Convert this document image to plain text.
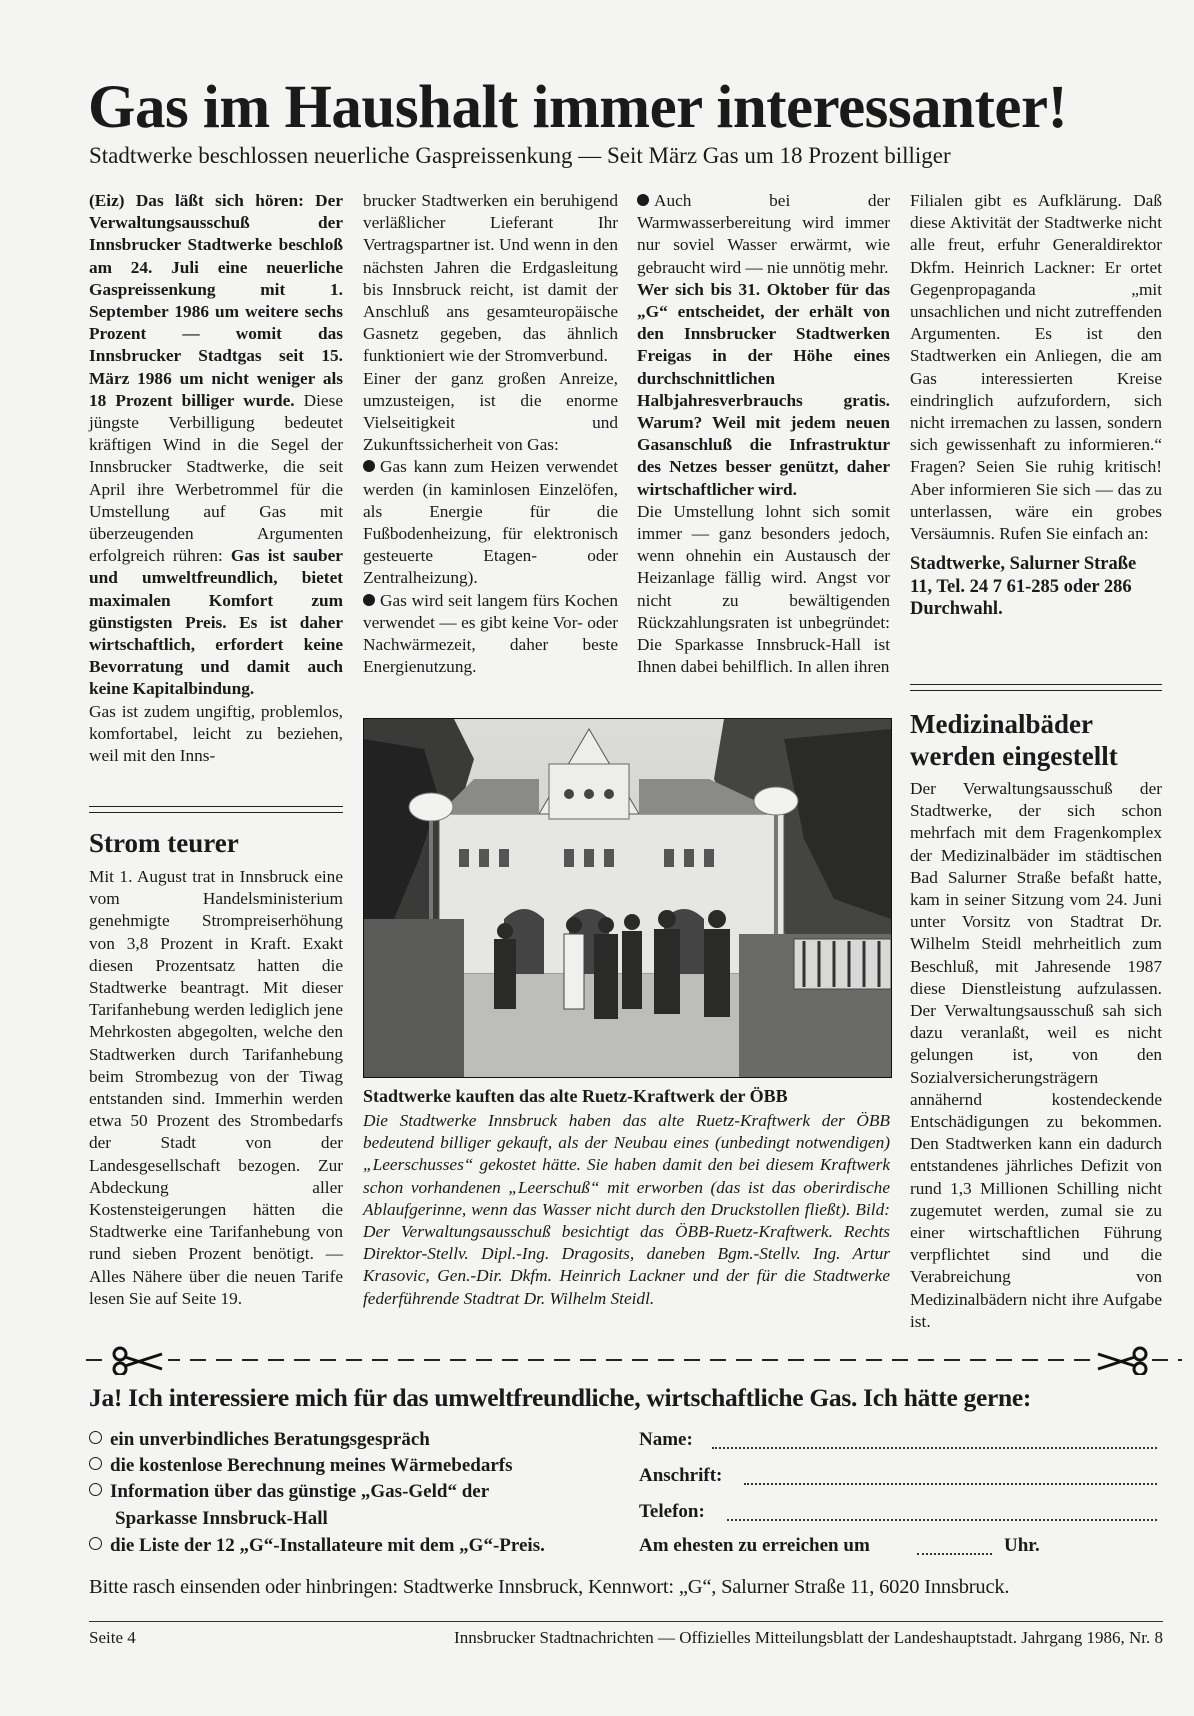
Gas im Haushalt immer interessanter!
Stadtwerke beschlossen neuerliche Gaspreissenkung — Seit März Gas um 18 Prozent billiger

(Eiz) Das läßt sich hören: Der Verwaltungsausschuß der Innsbrucker Stadtwerke beschloß am 24. Juli eine neuerliche Gaspreissenkung mit 1. September 1986 um weitere sechs Prozent — womit das Innsbrucker Stadtgas seit 15. März 1986 um nicht weniger als 18 Prozent billiger wurde. Diese jüngste Verbilligung bedeutet kräftigen Wind in die Segel der Innsbrucker Stadtwerke, die seit April ihre Werbetrommel für die Umstellung auf Gas mit überzeugenden Argumenten erfolgreich rühren: Gas ist sauber und umweltfreundlich, bietet maximalen Komfort zum günstigsten Preis. Es ist daher wirtschaftlich, erfordert keine Bevorratung und damit auch keine Kapitalbindung.

Gas ist zudem ungiftig, problemlos, komfortabel, leicht zu beziehen, weil mit den Inns-

brucker Stadtwerken ein beruhigend verläßlicher Lieferant Ihr Vertragspartner ist. Und wenn in den nächsten Jahren die Erdgasleitung bis Innsbruck reicht, ist damit der Anschluß ans gesamteuropäische Gasnetz gegeben, das ähnlich funktioniert wie der Stromverbund.

Einer der ganz großen Anreize, umzusteigen, ist die enorme Vielseitigkeit und Zukunftssicherheit von Gas:

Gas kann zum Heizen verwendet werden (in kaminlosen Einzelöfen, als Energie für die Fußbodenheizung, für elektronisch gesteuerte Etagen- oder Zentralheizung).

Gas wird seit langem fürs Kochen verwendet — es gibt keine Vor- oder Nachwärmezeit, daher beste Energienutzung.

Auch bei der Warmwasserbereitung wird immer nur soviel Wasser erwärmt, wie gebraucht wird — nie unnötig mehr.

Wer sich bis 31. Oktober für das „G“ entscheidet, der erhält von den Innsbrucker Stadtwerken Freigas in der Höhe eines durchschnittlichen Halbjahresverbrauchs gratis. Warum? Weil mit jedem neuen Gasanschluß die Infrastruktur des Netzes besser genützt, daher wirtschaftlicher wird.

Die Umstellung lohnt sich somit immer — ganz besonders jedoch, wenn ohnehin ein Austausch der Heizanlage fällig wird. Angst vor nicht zu bewältigenden Rückzahlungsraten ist unbegründet: Die Sparkasse Innsbruck-Hall ist Ihnen dabei behilflich. In allen ihren

Filialen gibt es Aufklärung. Daß diese Aktivität der Stadtwerke nicht alle freut, erfuhr Generaldirektor Dkfm. Heinrich Lackner: Er ortet Gegenpropaganda „mit unsachlichen und nicht zutreffenden Argumenten. Es ist den Stadtwerken ein Anliegen, die am Gas interessierten Kreise eindringlich aufzufordern, sich nicht irremachen zu lassen, sondern sich gewissenhaft zu informieren.“ Fragen? Seien Sie ruhig kritisch! Aber informieren Sie sich — das zu unterlassen, wäre ein grobes Versäumnis. Rufen Sie einfach an:

Stadtwerke, Salurner Straße 11, Tel. 24 7 61-285 oder 286 Durchwahl.

Strom teurer
Mit 1. August trat in Innsbruck eine vom Handelsministerium genehmigte Strompreiserhöhung von 3,8 Prozent in Kraft. Exakt diesen Prozentsatz hatten die Stadtwerke beantragt. Mit dieser Tarifanhebung werden lediglich jene Mehrkosten abgegolten, welche den Stadtwerken durch Tarifanhebung beim Strombezug von der Tiwag entstanden sind. Immerhin werden etwa 50 Prozent des Strombedarfs der Stadt von der Landesgesellschaft bezogen. Zur Abdeckung aller Kostensteigerungen hätten die Stadtwerke eine Tarifanhebung von rund sieben Prozent benötigt. — Alles Nähere über die neuen Tarife lesen Sie auf Seite 19.
Medizinalbäder werden eingestellt
Der Verwaltungsausschuß der Stadtwerke, der sich schon mehrfach mit dem Fragenkomplex der Medizinalbäder im städtischen Bad Salurner Straße befaßt hatte, kam in seiner Sitzung vom 24. Juni unter Vorsitz von Stadtrat Dr. Wilhelm Steidl mehrheitlich zum Beschluß, mit Jahresende 1987 diese Dienstleistung aufzulassen. Der Verwaltungsausschuß sah sich dazu veranlaßt, weil es nicht gelungen ist, von den Sozialversicherungsträgern annähernd kostendeckende Entschädigungen zu bekommen. Den Stadtwerken kann ein dadurch entstandenes jährliches Defizit von rund 1,3 Millionen Schilling nicht zugemutet werden, zumal sie zu einer wirtschaftlichen Führung verpflichtet sind und die Verabreichung von Medizinalbädern nicht ihre Aufgabe ist.
Stadtwerke kauften das alte Ruetz-Kraftwerk der ÖBB
Die Stadtwerke Innsbruck haben das alte Ruetz-Kraftwerk der ÖBB bedeutend billiger gekauft, als der Neubau eines (unbedingt notwendigen) „Leerschusses“ gekostet hätte. Sie haben damit den bei diesem Kraftwerk schon vorhandenen „Leerschuß“ mit erworben (das ist das oberirdische Ablaufgerinne, wenn das Wasser nicht durch den Druckstollen fließt). Bild: Der Verwaltungsausschuß besichtigt das ÖBB-Ruetz-Kraftwerk. Rechts Direktor-Stellv. Dipl.-Ing. Dragosits, daneben Bgm.-Stellv. Ing. Artur Krasovic, Gen.-Dir. Dkfm. Heinrich Lackner und der für die Stadtwerke federführende Stadtrat Dr. Wilhelm Steidl.
Ja! Ich interessiere mich für das umweltfreundliche, wirtschaftliche Gas. Ich hätte gerne:
ein unverbindliches Beratungsgespräch
die kostenlose Berechnung meines Wärmebedarfs
Information über das günstige „Gas-Geld“ der
Sparkasse Innsbruck-Hall
die Liste der 12 „G“-Installateure mit dem „G“-Preis.
Name:
Anschrift:
Telefon:
Am ehesten zu erreichen um	Uhr.
Bitte rasch einsenden oder hinbringen: Stadtwerke Innsbruck, Kennwort: „G“, Salurner Straße 11, 6020 Innsbruck.
Seite 4	Innsbrucker Stadtnachrichten — Offizielles Mitteilungsblatt der Landeshauptstadt. Jahrgang 1986, Nr. 8
